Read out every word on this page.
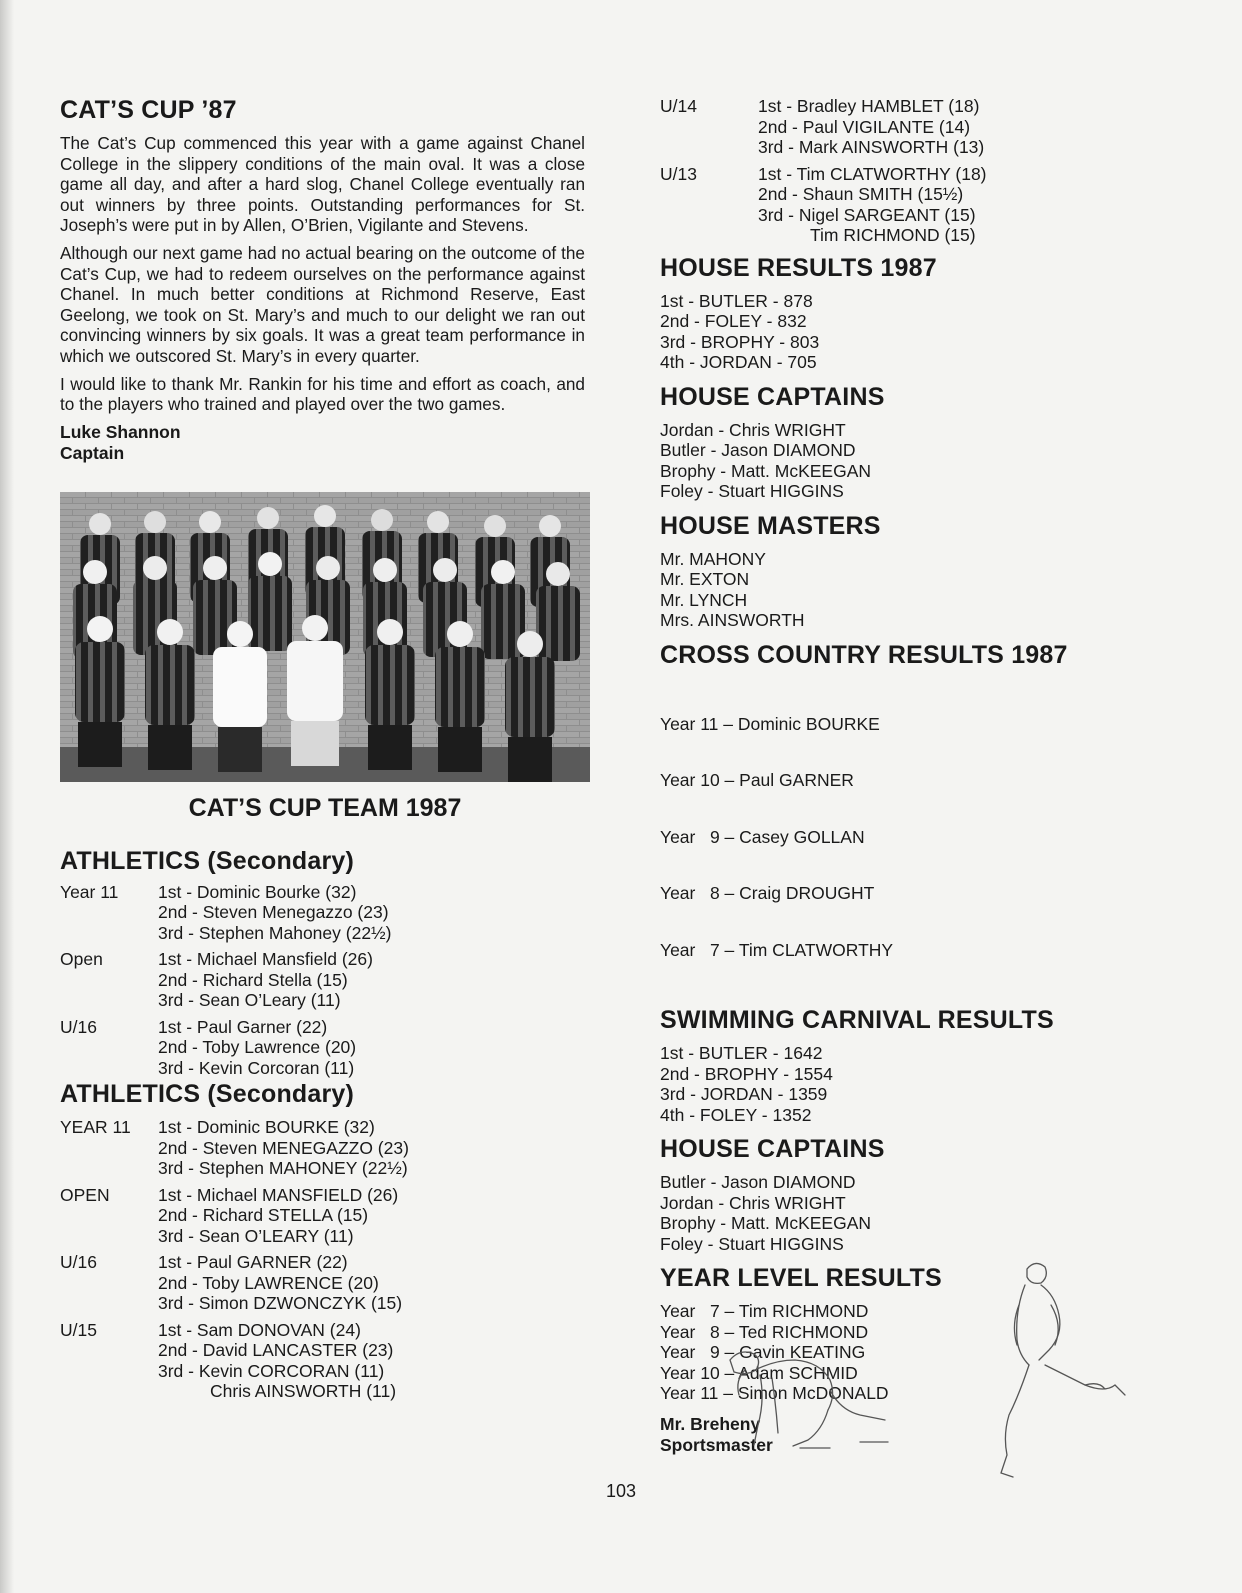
CAT’S CUP ’87

The Cat’s Cup commenced this year with a game against Chanel College in the slippery conditions of the main oval. It was a close game all day, and after a hard slog, Chanel College eventually ran out winners by three points. Outstanding performances for St. Joseph’s were put in by Allen, O’Brien, Vigilante and Stevens.

Although our next game had no actual bearing on the outcome of the Cat’s Cup, we had to redeem ourselves on the performance against Chanel. In much better conditions at Richmond Reserve, East Geelong, we took on St. Mary’s and much to our delight we ran out convincing winners by six goals. It was a great team performance in which we outscored St. Mary’s in every quarter.

I would like to thank Mr. Rankin for his time and effort as coach, and to the players who trained and played over the two games.

Luke Shannon
Captain
CAT’S CUP TEAM 1987
ATHLETICS (Secondary)
Year 11	1st - Dominic Bourke (32)
2nd - Steven Menegazzo (23)
3rd - Stephen Mahoney (22½)
Open	1st - Michael Mansfield (26)
2nd - Richard Stella (15)
3rd - Sean O’Leary (11)
U/16	1st - Paul Garner (22)
2nd - Toby Lawrence (20)
3rd - Kevin Corcoran (11)
ATHLETICS (Secondary)
YEAR 11	1st - Dominic BOURKE (32)
2nd - Steven MENEGAZZO (23)
3rd - Stephen MAHONEY (22½)
OPEN	1st - Michael MANSFIELD (26)
2nd - Richard STELLA (15)
3rd - Sean O’LEARY (11)
U/16	1st - Paul GARNER (22)
2nd - Toby LAWRENCE (20)
3rd - Simon DZWONCZYK (15)
U/15	1st - Sam DONOVAN (24)
2nd - David LANCASTER (23)
3rd - Kevin CORCORAN (11)
Chris AINSWORTH (11)
U/14	1st - Bradley HAMBLET (18)
2nd - Paul VIGILANTE (14)
3rd - Mark AINSWORTH (13)
U/13	1st - Tim CLATWORTHY (18)
2nd - Shaun SMITH (15½)
3rd - Nigel SARGEANT (15)
Tim RICHMOND (15)
HOUSE RESULTS 1987
1st - BUTLER - 878
2nd - FOLEY - 832
3rd - BROPHY - 803
4th - JORDAN - 705
HOUSE CAPTAINS
Jordan - Chris WRIGHT
Butler - Jason DIAMOND
Brophy - Matt. McKEEGAN
Foley - Stuart HIGGINS
HOUSE MASTERS
Mr. MAHONY
Mr. EXTON
Mr. LYNCH
Mrs. AINSWORTH
CROSS COUNTRY RESULTS 1987

Year 11 – Dominic BOURKE

Year 10 – Paul GARNER

Year   9 – Casey GOLLAN

Year   8 – Craig DROUGHT

Year   7 – Tim CLATWORTHY

SWIMMING CARNIVAL RESULTS
1st - BUTLER - 1642
2nd - BROPHY - 1554
3rd - JORDAN - 1359
4th - FOLEY - 1352
HOUSE CAPTAINS
Butler - Jason DIAMOND
Jordan - Chris WRIGHT
Brophy - Matt. McKEEGAN
Foley - Stuart HIGGINS
YEAR LEVEL RESULTS
Year   7 – Tim RICHMOND
Year   8 – Ted RICHMOND
Year   9 – Gavin KEATING
Year 10 – Adam SCHMID
Year 11 – Simon McDONALD
Mr. Breheny
Sportsmaster
103
